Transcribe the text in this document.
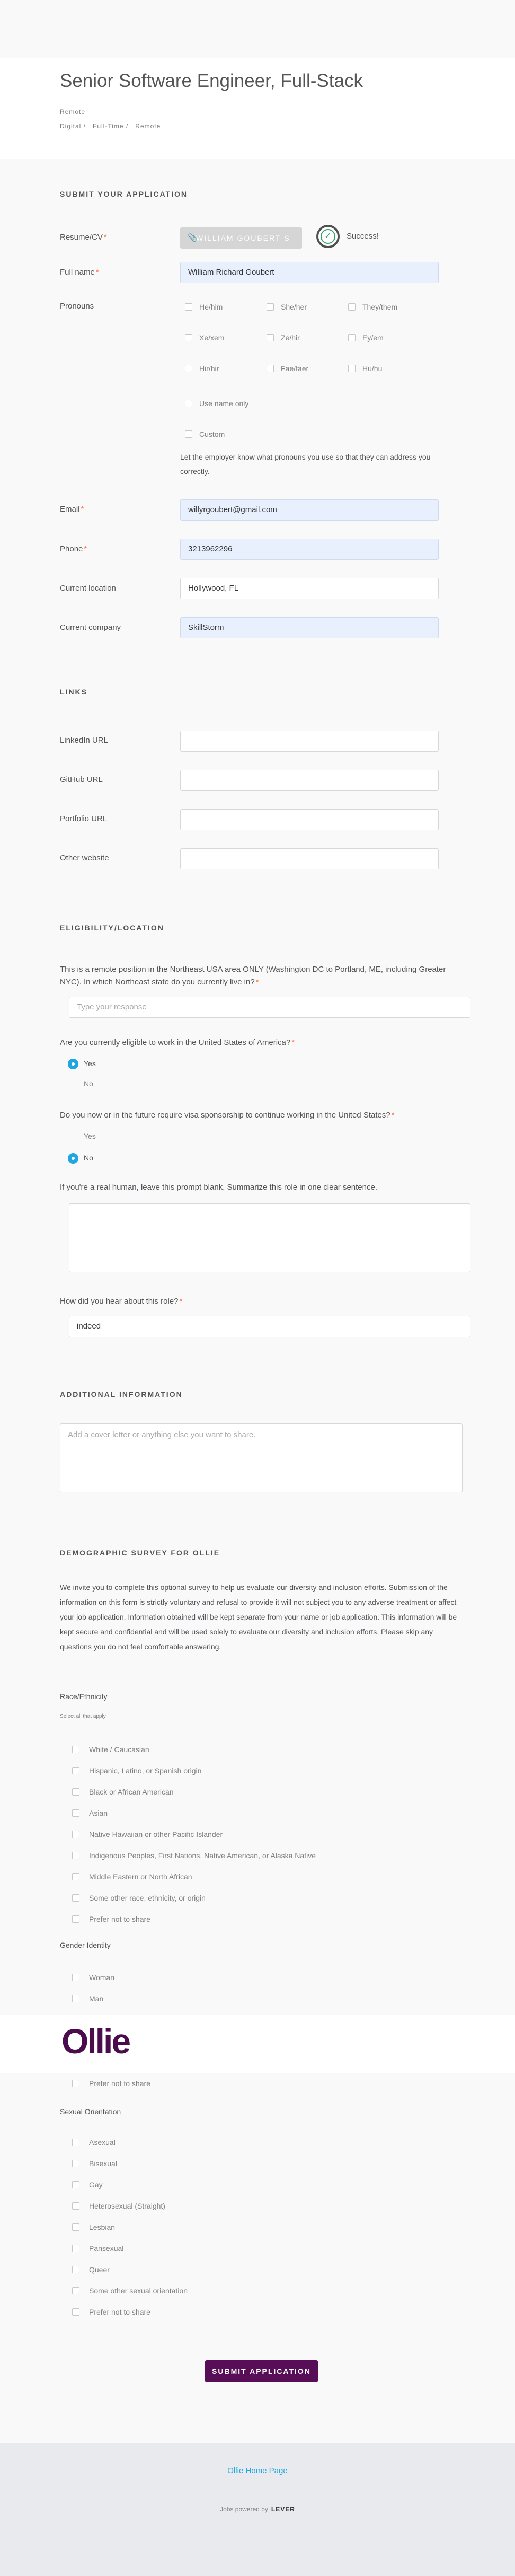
Senior Software Engineer, Full-Stack
Remote
Digital /   Full-Time /   Remote
SUBMIT YOUR APPLICATION
Resume/CV *	📎
WILLIAM GOUBERT-S	✓	Success!
Full name *	William Richard Goubert
Pronouns	He/him	She/her	They/them
Xe/xem	Ze/hir	Ey/em
Hir/hir	Fae/faer	Hu/hu
Use name only
Custom
Let the employer know what pronouns you use so that they can address you correctly.
Email *	willyrgoubert@gmail.com
Phone *	3213962296
Current location	Hollywood, FL
Current company	SkillStorm
LINKS
LinkedIn URL
GitHub URL
Portfolio URL
Other website
ELIGIBILITY/LOCATION
This is a remote position in the Northeast USA area ONLY (Washington DC to Portland, ME, including Greater NYC). In which Northeast state do you currently live in? *
Type your response
Are you currently eligible to work in the United States of America? *
Yes
No
Do you now or in the future require visa sponsorship to continue working in the United States? *
Yes
No
If you're a real human, leave this prompt blank. Summarize this role in one clear sentence.
How did you hear about this role? *
indeed
ADDITIONAL INFORMATION
Add a cover letter or anything else you want to share.
DEMOGRAPHIC SURVEY FOR OLLIE
We invite you to complete this optional survey to help us evaluate our diversity and inclusion efforts. Submission of the information on this form is strictly voluntary and refusal to provide it will not subject you to any adverse treatment or affect your job application. Information obtained will be kept separate from your name or job application. This information will be kept secure and confidential and will be used solely to evaluate our diversity and inclusion efforts. Please skip any questions you do not feel comfortable answering.
Race/Ethnicity
Select all that apply
White / Caucasian
Hispanic, Latino, or Spanish origin
Black or African American
Asian
Native Hawaiian or other Pacific Islander
Indigenous Peoples, First Nations, Native American, or Alaska Native
Middle Eastern or North African
Some other race, ethnicity, or origin
Prefer not to share
Gender Identity
Woman
Man
Ollie
Prefer not to share
Sexual Orientation
Asexual
Bisexual
Gay
Heterosexual (Straight)
Lesbian
Pansexual
Queer
Some other sexual orientation
Prefer not to share
SUBMIT APPLICATION
Ollie Home Page
Jobs powered by LEVER
